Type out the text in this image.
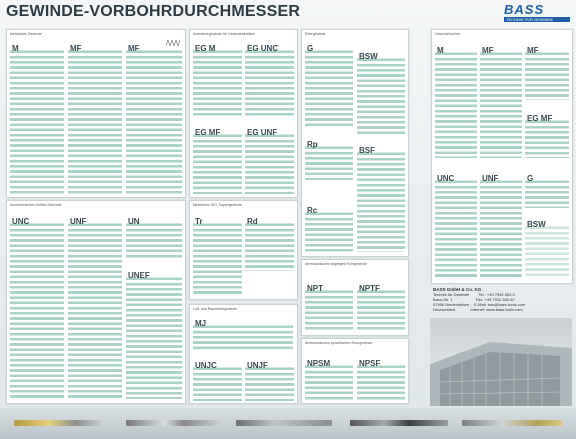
GEWINDE-VORBOHRDURCHMESSER	BASS
TECHNIK FÜR GEWINDE
Metrisches Gewinde
M	MF	MF
Aufnahmegewinde für Gewindeeinsätze
EG M	EG UNC
EG MF	EG UNF
Rohrgewinde
G
BSW
Rp
BSF
Rc
Gewindefurchen
M	MF	MF
EG MF
UNC	UNF	G
BSW
Amerikanisches Unified-Gewinde
UNC	UNF	UN
UNEF
Metrisches ISO-Trapezgewinde
Tr	Rd
Luft- und Raumfahrtgewinde
MJ
UNJC	UNJF
Amerikanisches kegeliges Rohrgewinde
NPT	NPTF
Amerikanisches zylindrisches Rohrgewinde
NPSM	NPSF
BASS GmbH & Co. KG
Technik für Gewinde Tel.: +49 7932 892-0
Bass-Str. 1	Fax: +49 7932 892-87
97996 Niederstetten E-Mail: info@bass-tools.com
Deutschland	Internet: www.bass-tools.com
